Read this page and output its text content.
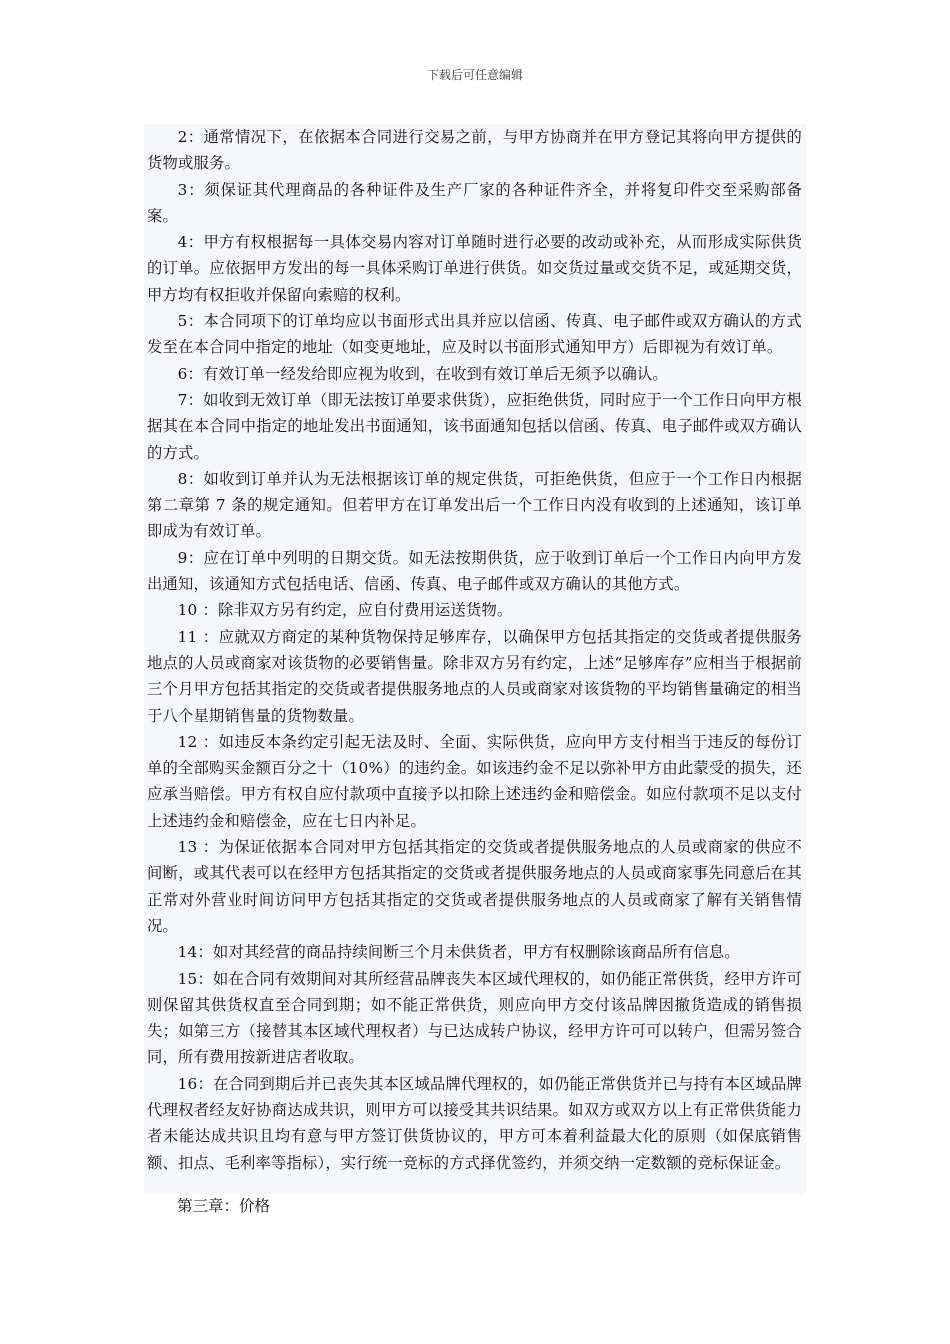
下载后可任意编辑

2：通常情况下，在依据本合同进行交易之前，与甲方协商并在甲方登记其将向甲方提供的货物或服务。

3：须保证其代理商品的各种证件及生产厂家的各种证件齐全，并将复印件交至采购部备案。

4：甲方有权根据每一具体交易内容对订单随时进行必要的改动或补充，从而形成实际供货的订单。应依据甲方发出的每一具体采购订单进行供货。如交货过量或交货不足，或延期交货，甲方均有权拒收并保留向索赔的权利。

5：本合同项下的订单均应以书面形式出具并应以信函、传真、电子邮件或双方确认的方式发至在本合同中指定的地址（如变更地址，应及时以书面形式通知甲方）后即视为有效订单。

6：有效订单一经发给即应视为收到，在收到有效订单后无须予以确认。

7：如收到无效订单（即无法按订单要求供货），应拒绝供货，同时应于一个工作日向甲方根据其在本合同中指定的地址发出书面通知，该书面通知包括以信函、传真、电子邮件或双方确认的方式。

8：如收到订单并认为无法根据该订单的规定供货，可拒绝供货，但应于一个工作日内根据第二章第 7 条的规定通知。但若甲方在订单发出后一个工作日内没有收到的上述通知，该订单即成为有效订单。

9：应在订单中列明的日期交货。如无法按期供货，应于收到订单后一个工作日内向甲方发出通知，该通知方式包括电话、信函、传真、电子邮件或双方确认的其他方式。

10 ：除非双方另有约定，应自付费用运送货物。

11 ：应就双方商定的某种货物保持足够库存，以确保甲方包括其指定的交货或者提供服务地点的人员或商家对该货物的必要销售量。除非双方另有约定，上述“足够库存”应相当于根据前三个月甲方包括其指定的交货或者提供服务地点的人员或商家对该货物的平均销售量确定的相当于八个星期销售量的货物数量。

12 ：如违反本条约定引起无法及时、全面、实际供货，应向甲方支付相当于违反的每份订单的全部购买金额百分之十（10%）的违约金。如该违约金不足以弥补甲方由此蒙受的损失，还应承当赔偿。甲方有权自应付款项中直接予以扣除上述违约金和赔偿金。如应付款项不足以支付上述违约金和赔偿金，应在七日内补足。

13 ：为保证依据本合同对甲方包括其指定的交货或者提供服务地点的人员或商家的供应不间断，或其代表可以在经甲方包括其指定的交货或者提供服务地点的人员或商家事先同意后在其正常对外营业时间访问甲方包括其指定的交货或者提供服务地点的人员或商家了解有关销售情况。

14：如对其经营的商品持续间断三个月未供货者，甲方有权删除该商品所有信息。

15：如在合同有效期间对其所经营品牌丧失本区域代理权的，如仍能正常供货，经甲方许可则保留其供货权直至合同到期；如不能正常供货，则应向甲方交付该品牌因撤货造成的销售损失；如第三方（接替其本区域代理权者）与已达成转户协议，经甲方许可可以转户，但需另签合同，所有费用按新进店者收取。

16：在合同到期后并已丧失其本区域品牌代理权的，如仍能正常供货并已与持有本区域品牌代理权者经友好协商达成共识，则甲方可以接受其共识结果。如双方或双方以上有正常供货能力者未能达成共识且均有意与甲方签订供货协议的，甲方可本着利益最大化的原则（如保底销售额、扣点、毛利率等指标），实行统一竞标的方式择优签约，并须交纳一定数额的竞标保证金。

第三章：价格
